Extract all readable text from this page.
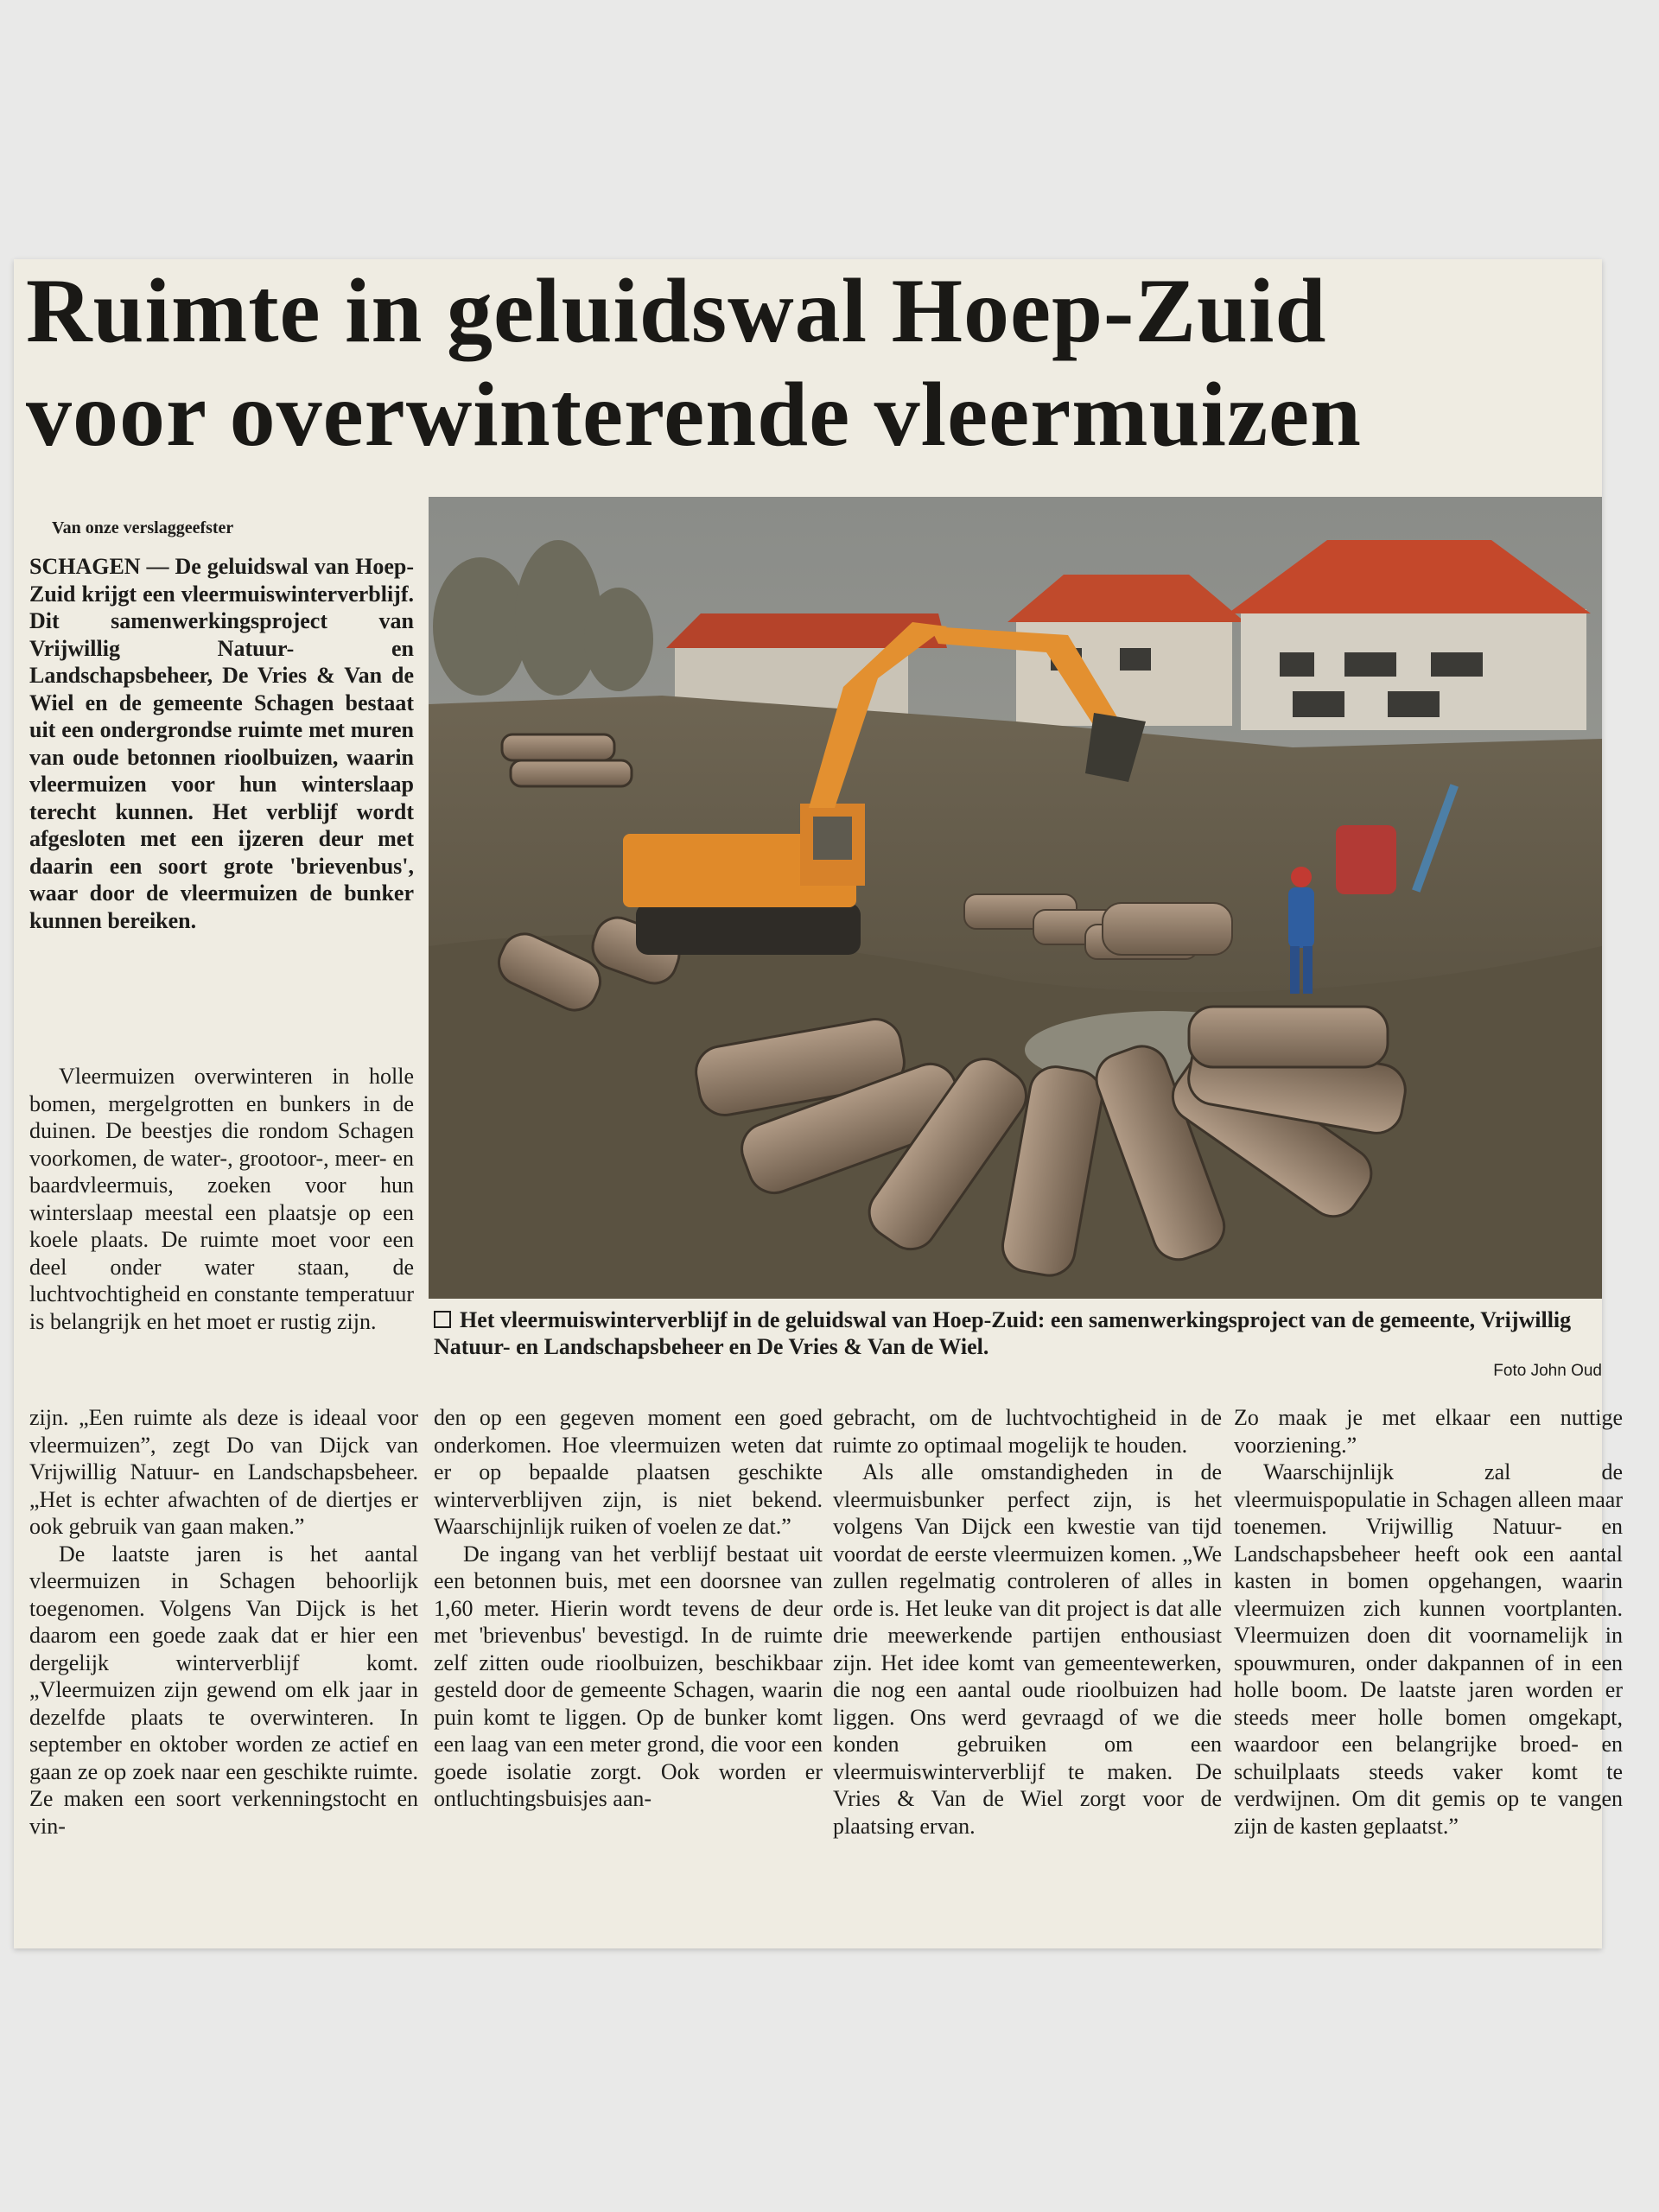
Ruimte in geluidswal Hoep-Zuid
voor overwinterende vleermuizen
Van onze verslaggeefster
SCHAGEN — De geluidswal van Hoep-Zuid krijgt een vleermuiswinterverblijf. Dit samenwerkingsproject van Vrijwillig Natuur- en Landschapsbeheer, De Vries & Van de Wiel en de gemeente Schagen bestaat uit een ondergrondse ruimte met muren van oude betonnen rioolbuizen, waarin vleermuizen voor hun winterslaap terecht kunnen. Het verblijf wordt afgesloten met een ijzeren deur met daarin een soort grote 'brievenbus', waar door de vleermuizen de bunker kunnen bereiken.

Vleermuizen overwinteren in holle bomen, mergelgrotten en bunkers in de duinen. De beestjes die rondom Schagen voorkomen, de water-, grootoor-, meer- en baardvleermuis, zoeken voor hun winterslaap meestal een plaatsje op een koele plaats. De ruimte moet voor een deel onder water staan, de luchtvochtigheid en constante temperatuur is belangrijk en het moet er rustig zijn.

zijn. „Een ruimte als deze is ideaal voor vleermuizen”, zegt Do van Dijck van Vrijwillig Natuur- en Landschapsbeheer. „Het is echter afwachten of de diertjes er ook gebruik van gaan maken.”

De laatste jaren is het aantal vleermuizen in Schagen behoorlijk toegenomen. Volgens Van Dijck is het daarom een goede zaak dat er hier een dergelijk winterverblijf komt. „Vleermuizen zijn gewend om elk jaar in dezelfde plaats te overwinteren. In september en oktober worden ze actief en gaan ze op zoek naar een geschikte ruimte. Ze maken een soort verkenningstocht en vin-

Het vleermuiswinterverblijf in de geluidswal van Hoep-Zuid: een samenwerkingsproject van de gemeente, Vrijwillig Natuur- en Landschapsbeheer en De Vries & Van de Wiel.
Foto John Oud

den op een gegeven moment een goed onderkomen. Hoe vleermuizen weten dat er op bepaalde plaatsen geschikte winterverblijven zijn, is niet bekend. Waarschijnlijk ruiken of voelen ze dat.”

De ingang van het verblijf bestaat uit een betonnen buis, met een doorsnee van 1,60 meter. Hierin wordt tevens de deur met 'brievenbus' bevestigd. In de ruimte zelf zitten oude rioolbuizen, beschikbaar gesteld door de gemeente Schagen, waarin puin komt te liggen. Op de bunker komt een laag van een meter grond, die voor een goede isolatie zorgt. Ook worden er ontluchtingsbuisjes aan-

gebracht, om de luchtvochtigheid in de ruimte zo optimaal mogelijk te houden.

Als alle omstandigheden in de vleermuisbunker perfect zijn, is het volgens Van Dijck een kwestie van tijd voordat de eerste vleermuizen komen. „We zullen regelmatig controleren of alles in orde is. Het leuke van dit project is dat alle drie meewerkende partijen enthousiast zijn. Het idee komt van gemeentewerken, die nog een aantal oude rioolbuizen had liggen. Ons werd gevraagd of we die konden gebruiken om een vleermuiswinterverblijf te maken. De Vries & Van de Wiel zorgt voor de plaatsing ervan.

Zo maak je met elkaar een nuttige voorziening.”

Waarschijnlijk zal de vleermuispopulatie in Schagen alleen maar toenemen. Vrijwillig Natuur- en Landschapsbeheer heeft ook een aantal kasten in bomen opgehangen, waarin vleermuizen zich kunnen voortplanten. Vleermuizen doen dit voornamelijk in spouwmuren, onder dakpannen of in een holle boom. De laatste jaren worden er steeds meer holle bomen omgekapt, waardoor een belangrijke broed- en schuilplaats steeds vaker komt te verdwijnen. Om dit gemis op te vangen zijn de kasten geplaatst.”
